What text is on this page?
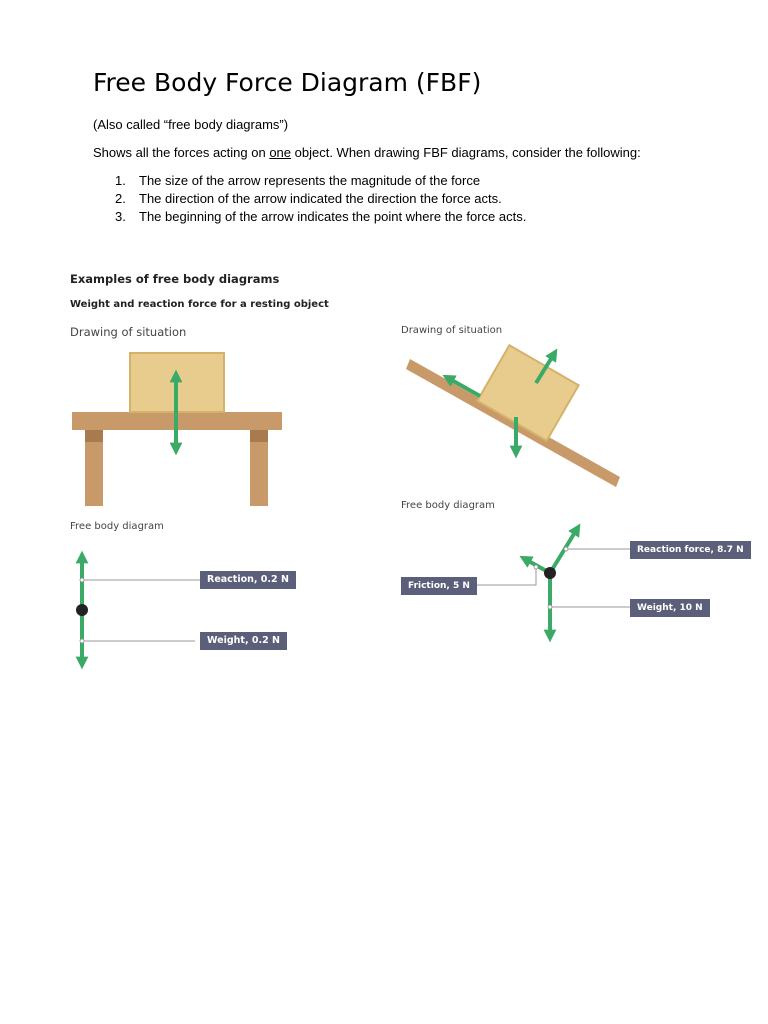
Free Body Force Diagram (FBF)

(Also called “free body diagrams”)

Shows all the forces acting on one object. When drawing FBF diagrams, consider the following:

1. The size of the arrow represents the magnitude of the force
2. The direction of the arrow indicated the direction the force acts.
3. The beginning of the arrow indicates the point where the force acts.

Examples of free body diagrams

Weight and reaction force for a resting object

Drawing of situation

Free body diagram

Drawing of situation

Free body diagram

Reaction, 0.2 N
Weight, 0.2 N
Reaction force, 8.7 N
Friction, 5 N
Weight, 10 N
